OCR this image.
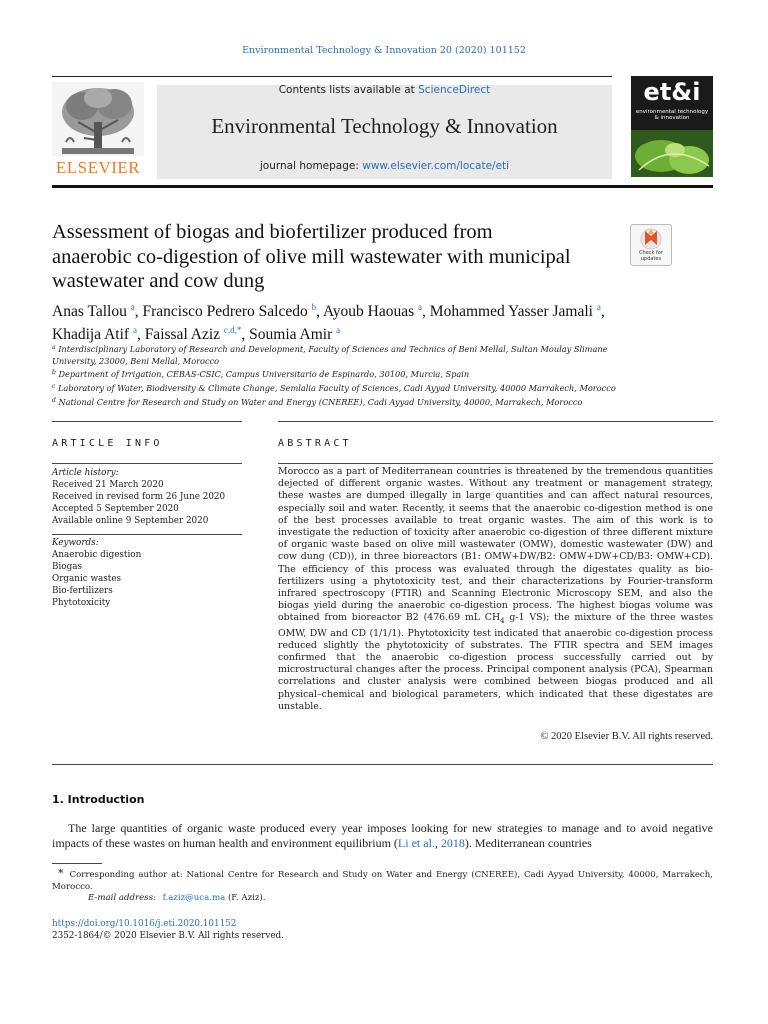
Environmental Technology & Innovation 20 (2020) 101152
Contents lists available at ScienceDirect
Environmental Technology & Innovation
journal homepage: www.elsevier.com/locate/eti
ELSEVIER
et&i
environmental technology & innovation
Assessment of biogas and biofertilizer produced from anaerobic co-digestion of olive mill wastewater with municipal wastewater and cow dung
Check for updates
Anas Tallou $^a$, Francisco Pedrero Salcedo $^b$, Ayoub Haouas $^a$, Mohammed Yasser Jamali $^a$, Khadija Atif $^a$, Faissal Aziz $^{c,d,*}$, Soumia Amir $^a$
$^a$ Interdisciplinary Laboratory of Research and Development, Faculty of Sciences and Technics of Beni Mellal, Sultan Moulay Slimane University, 23000, Beni Mellal, Morocco
$^b$ Department of Irrigation, CEBAS-CSIC, Campus Universitario de Espinardo, 30100, Murcia, Spain
$^c$ Laboratory of Water, Biodiversity & Climate Change, Semlalia Faculty of Sciences, Cadi Ayyad University, 40000 Marrakech, Morocco
$^d$ National Centre for Research and Study on Water and Energy (CNEREE), Cadi Ayyad University, 40000, Marrakech, Morocco
ARTICLE INFO	ABSTRACT
Article history:
Received 21 March 2020
Received in revised form 26 June 2020
Accepted 5 September 2020
Available online 9 September 2020
Keywords:
Anaerobic digestion
Biogas
Organic wastes
Bio-fertilizers
Phytotoxicity
Morocco as a part of Mediterranean countries is threatened by the tremendous quantities dejected of different organic wastes. Without any treatment or management strategy, these wastes are dumped illegally in large quantities and can affect natural resources, especially soil and water. Recently, it seems that the anaerobic co-digestion method is one of the best processes available to treat organic wastes. The aim of this work is to investigate the reduction of toxicity after anaerobic co-digestion of three different mixture of organic waste based on olive mill wastewater (OMW), domestic wastewater (DW) and cow dung (CD)), in three bioreactors (B1: OMW+DW/B2: OMW+DW+CD/B3: OMW+CD). The efficiency of this process was evaluated through the digestates quality as bio-fertilizers using a phytotoxicity test, and their characterizations by Fourier-transform infrared spectroscopy (FTIR) and Scanning Electronic Microscopy SEM, and also the biogas yield during the anaerobic co-digestion process. The highest biogas volume was obtained from bioreactor B2 (476.69 mL $CH_4$ g-1 VS); the mixture of the three wastes OMW, DW and CD (1/1/1). Phytotoxicity test indicated that anaerobic co-digestion process reduced slightly the phytotoxicity of substrates. The FTIR spectra and SEM images confirmed that the anaerobic co-digestion process successfully carried out by microstructural changes after the process. Principal component analysis (PCA), Spearman correlations and cluster analysis were combined between biogas produced and all physical–chemical and biological parameters, which indicated that these digestates are unstable.
© 2020 Elsevier B.V. All rights reserved.
1. Introduction
The large quantities of organic waste produced every year imposes looking for new strategies to manage and to avoid negative impacts of these wastes on human health and environment equilibrium (Li et al., 2018). Mediterranean countries
* Corresponding author at: National Centre for Research and Study on Water and Energy (CNEREE), Cadi Ayyad University, 40000, Marrakech, Morocco.
E-mail address: f.aziz@uca.ma (F. Aziz).
https://doi.org/10.1016/j.eti.2020.101152
2352-1864/© 2020 Elsevier B.V. All rights reserved.
